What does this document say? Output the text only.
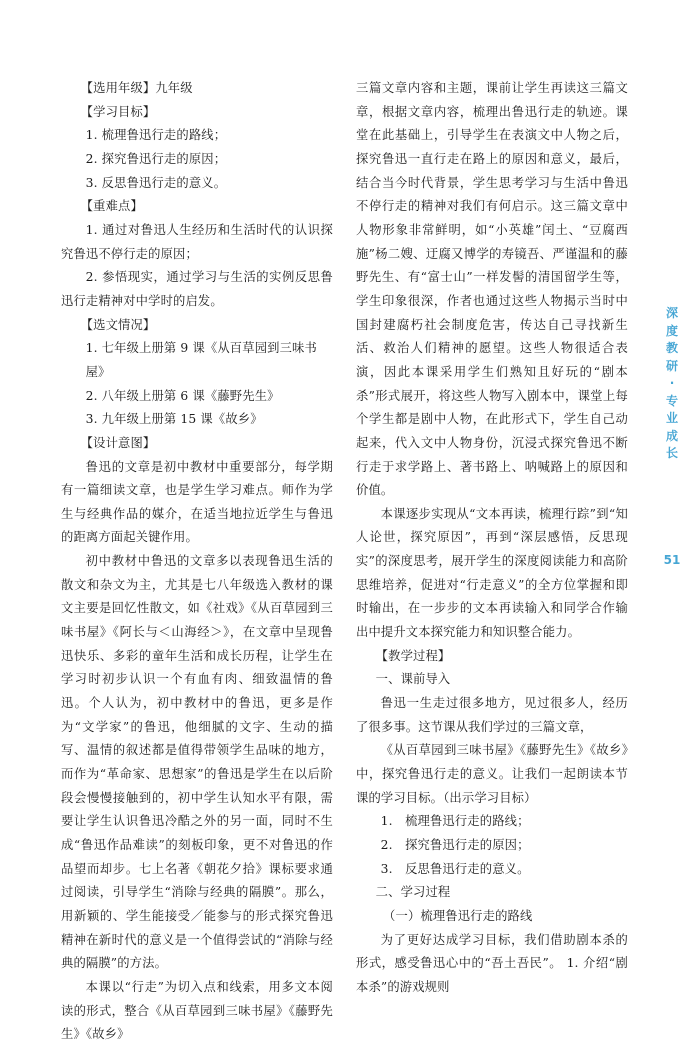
【选用年级】九年级
【学习目标】
1. 梳理鲁迅行走的路线；
2. 探究鲁迅行走的原因；
3. 反思鲁迅行走的意义。
【重难点】
1. 通过对鲁迅人生经历和生活时代的认识探究鲁迅不停行走的原因；
2. 参悟现实，通过学习与生活的实例反思鲁迅行走精神对中学时的启发。
【选文情况】
1. 七年级上册第 9 课《从百草园到三味书屋》
2. 八年级上册第 6 课《藤野先生》
3. 九年级上册第 15 课《故乡》
【设计意图】
鲁迅的文章是初中教材中重要部分，每学期有一篇细读文章，也是学生学习难点。师作为学生与经典作品的媒介，在适当地拉近学生与鲁迅的距离方面起关键作用。
初中教材中鲁迅的文章多以表现鲁迅生活的散文和杂文为主，尤其是七八年级选入教材的课文主要是回忆性散文，如《社戏》《从百草园到三味书屋》《阿长与＜山海经＞》，在文章中呈现鲁迅快乐、多彩的童年生活和成长历程，让学生在学习时初步认识一个有血有肉、细致温情的鲁迅。个人认为，初中教材中的鲁迅，更多是作为“文学家”的鲁迅，他细腻的文字、生动的描写、温情的叙述都是值得带领学生品味的地方，而作为“革命家、思想家”的鲁迅是学生在以后阶段会慢慢接触到的，初中学生认知水平有限，需要让学生认识鲁迅冷酷之外的另一面，同时不生成“鲁迅作品难读”的刻板印象，更不对鲁迅的作品望而却步。七上名著《朝花夕拾》课标要求通过阅读，引导学生“消除与经典的隔膜”。那么，用新颖的、学生能接受／能参与的形式探究鲁迅精神在新时代的意义是一个值得尝试的“消除与经典的隔膜”的方法。
本课以“行走”为切入点和线索，用多文本阅读的形式，整合《从百草园到三味书屋》《藤野先生》《故乡》
三篇文章内容和主题，课前让学生再读这三篇文章，根据文章内容，梳理出鲁迅行走的轨迹。课堂在此基础上，引导学生在表演文中人物之后，探究鲁迅一直行走在路上的原因和意义，最后，结合当今时代背景，学生思考学习与生活中鲁迅不停行走的精神对我们有何启示。这三篇文章中人物形象非常鲜明，如“小英雄”闰土、“豆腐西施”杨二嫂、迂腐又博学的寿镜吾、严谨温和的藤野先生、有“富士山”一样发髻的清国留学生等，学生印象很深，作者也通过这些人物揭示当时中国封建腐朽社会制度危害，传达自己寻找新生活、救治人们精神的愿望。这些人物很适合表演，因此本课采用学生们熟知且好玩的“剧本杀”形式展开，将这些人物写入剧本中，课堂上每个学生都是剧中人物，在此形式下，学生自己动起来，代入文中人物身份，沉浸式探究鲁迅不断行走于求学路上、著书路上、呐喊路上的原因和价值。
本课逐步实现从“文本再读，梳理行踪”到“知人论世，探究原因”，再到“深层感悟，反思现实”的深度思考，展开学生的深度阅读能力和高阶思维培养，促进对“行走意义”的全方位掌握和即时输出，在一步步的文本再读输入和同学合作输出中提升文本探究能力和知识整合能力。
【教学过程】
一、课前导入
鲁迅一生走过很多地方，见过很多人，经历了很多事。这节课从我们学过的三篇文章，
《从百草园到三味书屋》《藤野先生》《故乡》中，探究鲁迅行走的意义。让我们一起朗读本节课的学习目标。（出示学习目标）
1.　梳理鲁迅行走的路线；
2.　探究鲁迅行走的原因；
3.　反思鲁迅行走的意义。
二、学习过程
（一）梳理鲁迅行走的路线
为了更好达成学习目标，我们借助剧本杀的形式，感受鲁迅心中的“吾土吾民”。 1. 介绍“剧本杀”的游戏规则
深
度
教
研
·
专
业
成
长
51
